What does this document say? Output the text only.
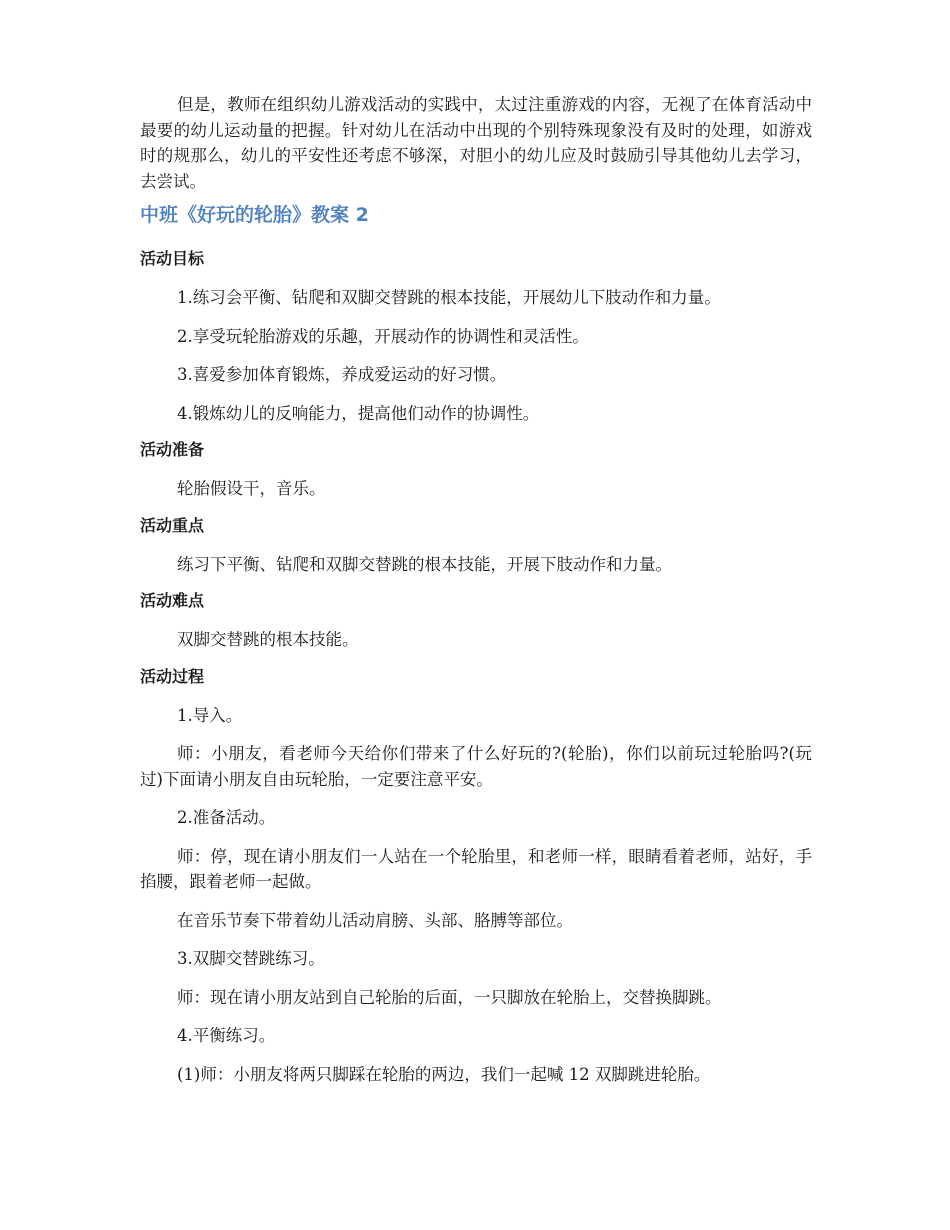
但是，教师在组织幼儿游戏活动的实践中，太过注重游戏的内容，无视了在体育活动中最要的幼儿运动量的把握。针对幼儿在活动中出现的个别特殊现象没有及时的处理，如游戏时的规那么，幼儿的平安性还考虑不够深，对胆小的幼儿应及时鼓励引导其他幼儿去学习，去尝试。

中班《好玩的轮胎》教案 2
活动目标

1.练习会平衡、钻爬和双脚交替跳的根本技能，开展幼儿下肢动作和力量。

2.享受玩轮胎游戏的乐趣，开展动作的协调性和灵活性。

3.喜爱参加体育锻炼，养成爱运动的好习惯。

4.锻炼幼儿的反响能力，提高他们动作的协调性。

活动准备

轮胎假设干，音乐。

活动重点

练习下平衡、钻爬和双脚交替跳的根本技能，开展下肢动作和力量。

活动难点

双脚交替跳的根本技能。

活动过程

1.导入。

师：小朋友，看老师今天给你们带来了什么好玩的?(轮胎)，你们以前玩过轮胎吗?(玩过)下面请小朋友自由玩轮胎，一定要注意平安。

2.准备活动。

师：停，现在请小朋友们一人站在一个轮胎里，和老师一样，眼睛看着老师，站好，手掐腰，跟着老师一起做。

在音乐节奏下带着幼儿活动肩膀、头部、胳膊等部位。

3.双脚交替跳练习。

师：现在请小朋友站到自己轮胎的后面，一只脚放在轮胎上，交替换脚跳。

4.平衡练习。

(1)师：小朋友将两只脚踩在轮胎的两边，我们一起喊 12 双脚跳进轮胎。
